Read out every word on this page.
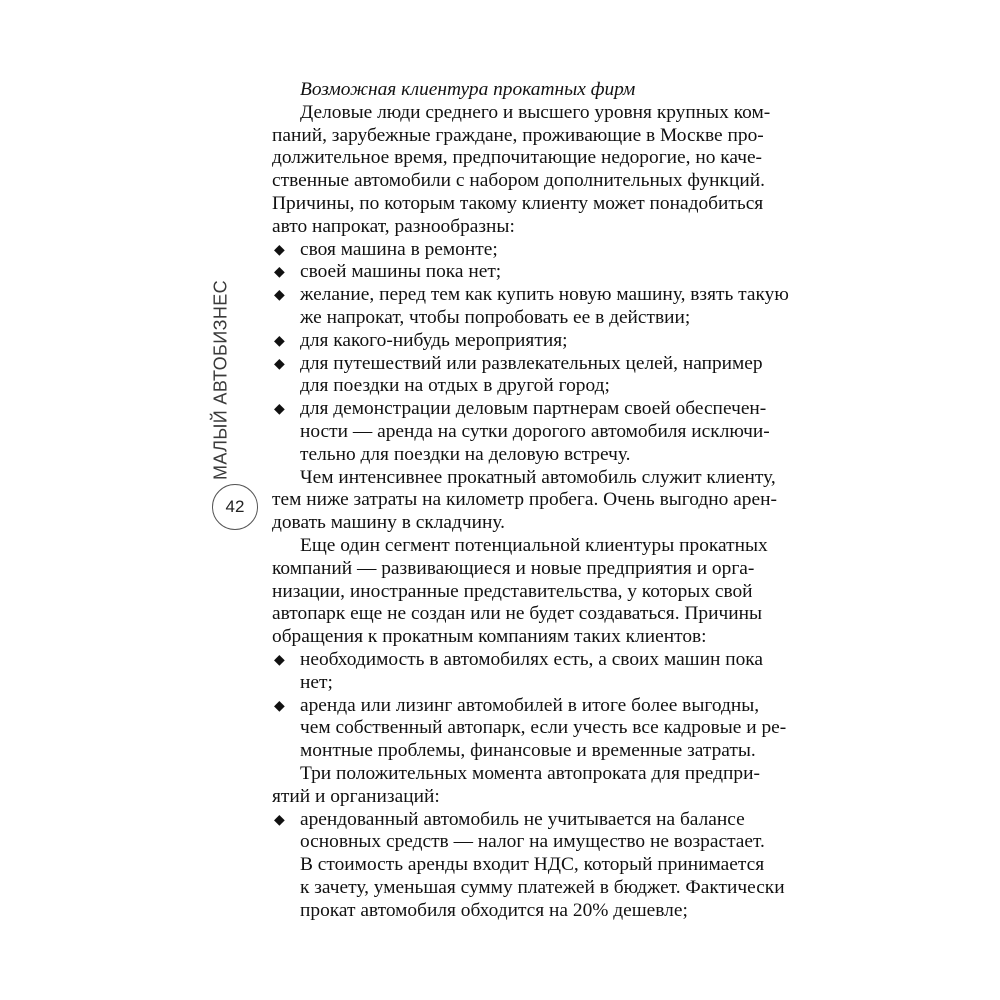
МАЛЫЙ АВТОБИЗНЕС
42
Возможная клиентура прокатных фирм
Деловые люди среднего и высшего уровня крупных ком-
паний, зарубежные граждане, проживающие в Москве про-
должительное время, предпочитающие недорогие, но каче-
ственные автомобили с набором дополнительных функций.
Причины, по которым такому клиенту может понадобиться
авто напрокат, разнообразны:
◆ своя машина в ремонте;
◆ своей машины пока нет;
◆ желание, перед тем как купить новую машину, взять такую
же напрокат, чтобы попробовать ее в действии;
◆ для какого-нибудь мероприятия;
◆ для путешествий или развлекательных целей, например
для поездки на отдых в другой город;
◆ для демонстрации деловым партнерам своей обеспечен-
ности — аренда на сутки дорогого автомобиля исключи-
тельно для поездки на деловую встречу.
Чем интенсивнее прокатный автомобиль служит клиенту,
тем ниже затраты на километр пробега. Очень выгодно арен-
довать машину в складчину.
Еще один сегмент потенциальной клиентуры прокатных
компаний — развивающиеся и новые предприятия и орга-
низации, иностранные представительства, у которых свой
автопарк еще не создан или не будет создаваться. Причины
обращения к прокатным компаниям таких клиентов:
◆ необходимость в автомобилях есть, а своих машин пока
нет;
◆ аренда или лизинг автомобилей в итоге более выгодны,
чем собственный автопарк, если учесть все кадровые и ре-
монтные проблемы, финансовые и временные затраты.
Три положительных момента автопроката для предпри-
ятий и организаций:
◆ арендованный автомобиль не учитывается на балансе
основных средств — налог на имущество не возрастает.
В стоимость аренды входит НДС, который принимается
к зачету, уменьшая сумму платежей в бюджет. Фактически
прокат автомобиля обходится на 20% дешевле;
